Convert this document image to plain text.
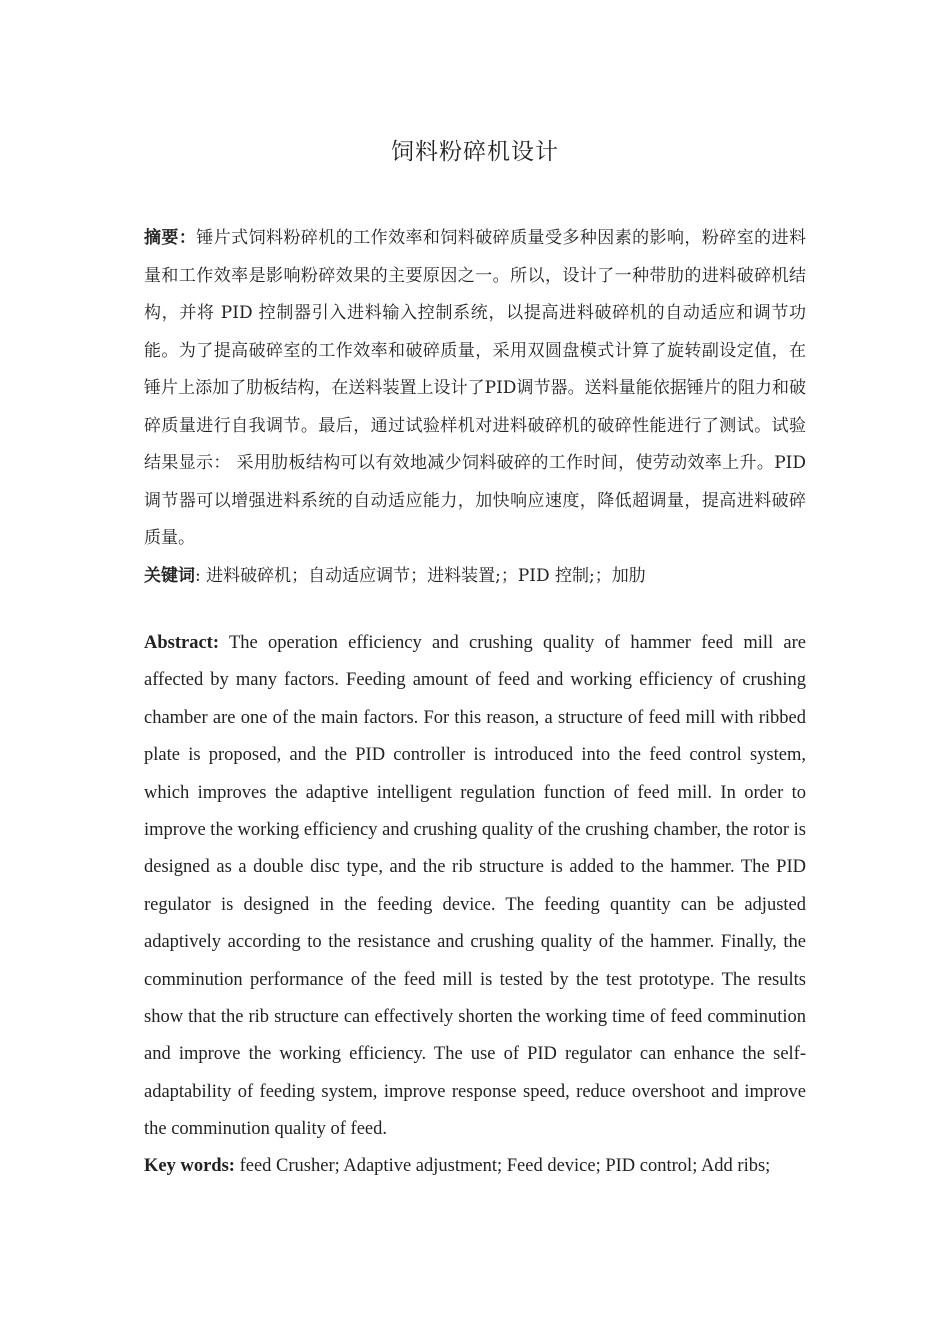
饲料粉碎机设计

摘要：锤片式饲料粉碎机的工作效率和饲料破碎质量受多种因素的影响，粉碎室的进料量和工作效率是影响粉碎效果的主要原因之一。所以，设计了一种带肋的进料破碎机结构，并将 PID 控制器引入进料输入控制系统，以提高进料破碎机的自动适应和调节功能。为了提高破碎室的工作效率和破碎质量，采用双圆盘模式计算了旋转副设定值，在锤片上添加了肋板结构，在送料装置上设计了PID调节器。送料量能依据锤片的阻力和破碎质量进行自我调节。最后，通过试验样机对进料破碎机的破碎性能进行了测试。试验结果显示： 采用肋板结构可以有效地减少饲料破碎的工作时间，使劳动效率上升。PID调节器可以增强进料系统的自动适应能力，加快响应速度，降低超调量，提高进料破碎质量。

关键词: 进料破碎机；自动适应调节；进料装置;；PID 控制;；加肋

Abstract: The operation efficiency and crushing quality of hammer feed mill are affected by many factors. Feeding amount of feed and working efficiency of crushing chamber are one of the main factors. For this reason, a structure of feed mill with ribbed plate is proposed, and the PID controller is introduced into the feed control system, which improves the adaptive intelligent regulation function of feed mill. In order to improve the working efficiency and crushing quality of the crushing chamber, the rotor is designed as a double disc type, and the rib structure is added to the hammer. The PID regulator is designed in the feeding device. The feeding quantity can be adjusted adaptively according to the resistance and crushing quality of the hammer. Finally, the comminution performance of the feed mill is tested by the test prototype. The results show that the rib structure can effectively shorten the working time of feed comminution and improve the working efficiency. The use of PID regulator can enhance the self-adaptability of feeding system, improve response speed, reduce overshoot and improve the comminution quality of feed.

Key words: feed Crusher; Adaptive adjustment; Feed device; PID control; Add ribs;
